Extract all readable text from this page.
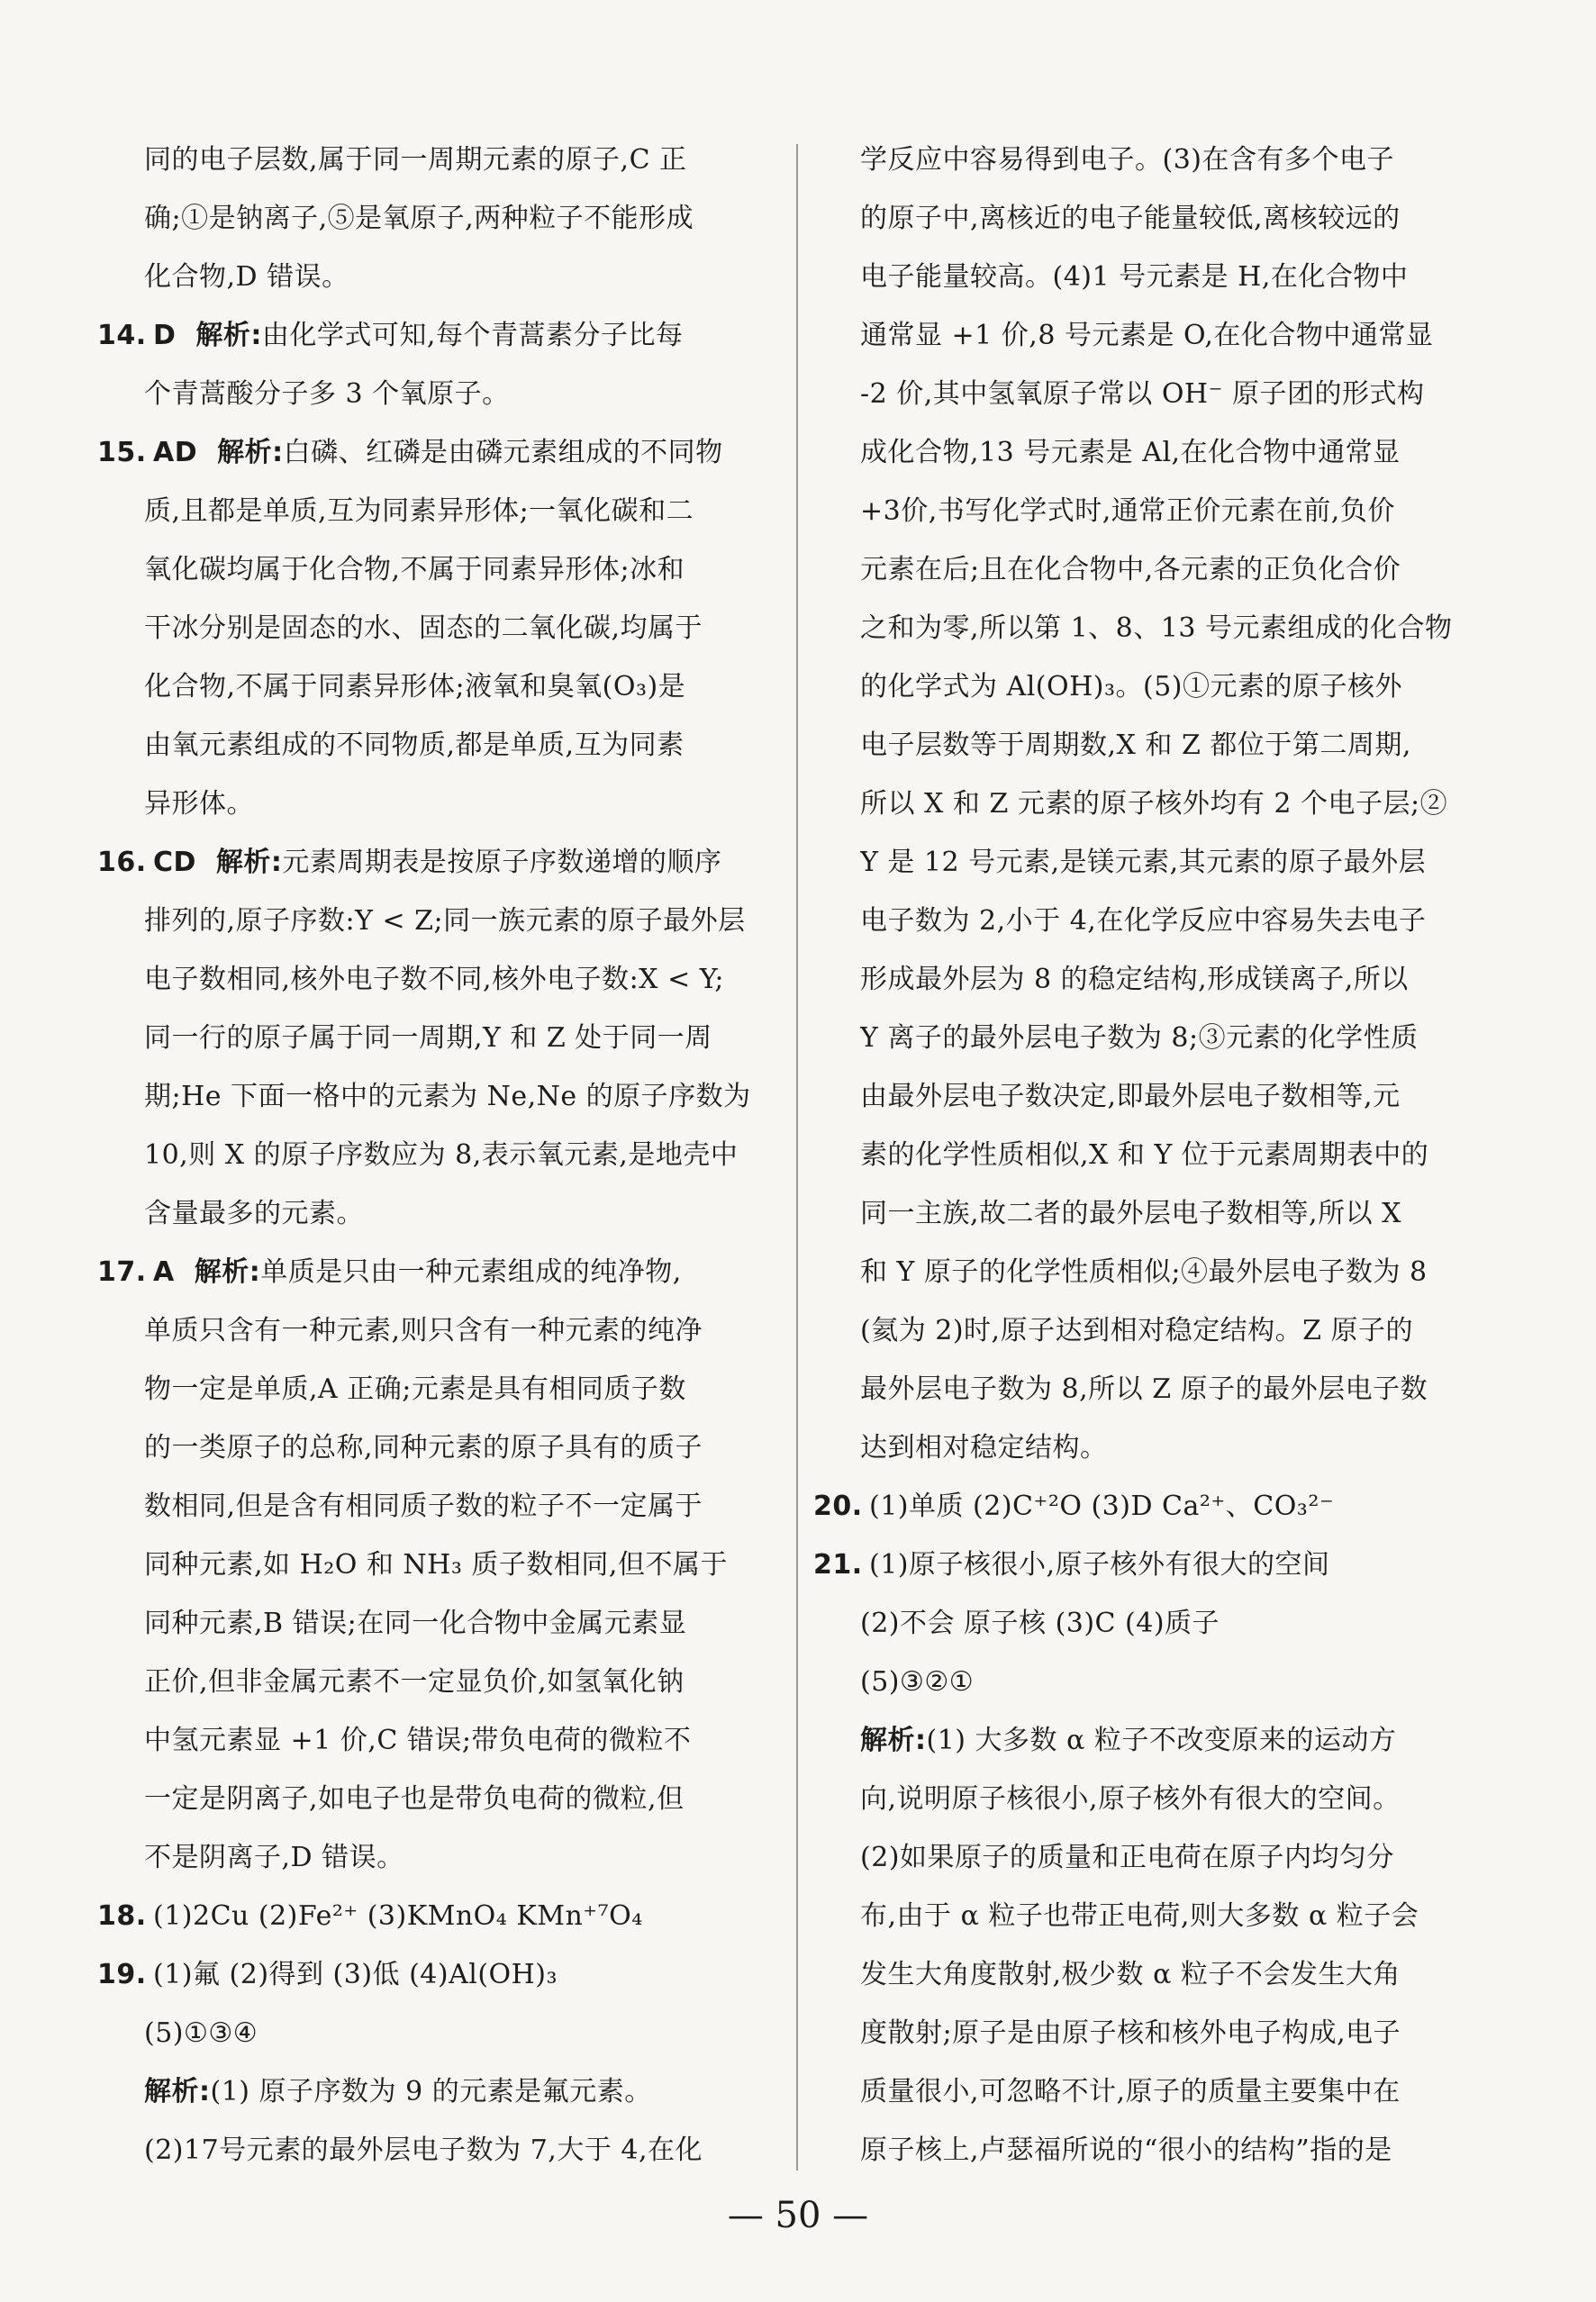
同的电子层数,属于同一周期元素的原子,C 正
确;①是钠离子,⑤是氧原子,两种粒子不能形成
化合物,D 错误。
14. D 解析:由化学式可知,每个青蒿素分子比每
个青蒿酸分子多 3 个氧原子。
15. AD 解析:白磷、红磷是由磷元素组成的不同物
质,且都是单质,互为同素异形体;一氧化碳和二
氧化碳均属于化合物,不属于同素异形体;冰和
干冰分别是固态的水、固态的二氧化碳,均属于
化合物,不属于同素异形体;液氧和臭氧(O₃)是
由氧元素组成的不同物质,都是单质,互为同素
异形体。
16. CD 解析:元素周期表是按原子序数递增的顺序
排列的,原子序数:Y < Z;同一族元素的原子最外层
电子数相同,核外电子数不同,核外电子数:X < Y;
同一行的原子属于同一周期,Y 和 Z 处于同一周
期;He 下面一格中的元素为 Ne,Ne 的原子序数为
10,则 X 的原子序数应为 8,表示氧元素,是地壳中
含量最多的元素。
17. A 解析:单质是只由一种元素组成的纯净物,
单质只含有一种元素,则只含有一种元素的纯净
物一定是单质,A 正确;元素是具有相同质子数
的一类原子的总称,同种元素的原子具有的质子
数相同,但是含有相同质子数的粒子不一定属于
同种元素,如 H₂O 和 NH₃ 质子数相同,但不属于
同种元素,B 错误;在同一化合物中金属元素显
正价,但非金属元素不一定显负价,如氢氧化钠
中氢元素显 +1 价,C 错误;带负电荷的微粒不
一定是阴离子,如电子也是带负电荷的微粒,但
不是阴离子,D 错误。
18. (1)2Cu (2)Fe²⁺ (3)KMnO₄ KMn⁺⁷O₄
19. (1)氟 (2)得到 (3)低 (4)Al(OH)₃
(5)①③④
解析:(1) 原子序数为 9 的元素是氟元素。
(2)17号元素的最外层电子数为 7,大于 4,在化
学反应中容易得到电子。(3)在含有多个电子
的原子中,离核近的电子能量较低,离核较远的
电子能量较高。(4)1 号元素是 H,在化合物中
通常显 +1 价,8 号元素是 O,在化合物中通常显
-2 价,其中氢氧原子常以 OH⁻ 原子团的形式构
成化合物,13 号元素是 Al,在化合物中通常显
+3价,书写化学式时,通常正价元素在前,负价
元素在后;且在化合物中,各元素的正负化合价
之和为零,所以第 1、8、13 号元素组成的化合物
的化学式为 Al(OH)₃。(5)①元素的原子核外
电子层数等于周期数,X 和 Z 都位于第二周期,
所以 X 和 Z 元素的原子核外均有 2 个电子层;②
Y 是 12 号元素,是镁元素,其元素的原子最外层
电子数为 2,小于 4,在化学反应中容易失去电子
形成最外层为 8 的稳定结构,形成镁离子,所以
Y 离子的最外层电子数为 8;③元素的化学性质
由最外层电子数决定,即最外层电子数相等,元
素的化学性质相似,X 和 Y 位于元素周期表中的
同一主族,故二者的最外层电子数相等,所以 X
和 Y 原子的化学性质相似;④最外层电子数为 8
(氦为 2)时,原子达到相对稳定结构。Z 原子的
最外层电子数为 8,所以 Z 原子的最外层电子数
达到相对稳定结构。
20. (1)单质 (2)C⁺²O (3)D Ca²⁺、CO₃²⁻
21. (1)原子核很小,原子核外有很大的空间
(2)不会 原子核 (3)C (4)质子
(5)③②①
解析:(1) 大多数 α 粒子不改变原来的运动方
向,说明原子核很小,原子核外有很大的空间。
(2)如果原子的质量和正电荷在原子内均匀分
布,由于 α 粒子也带正电荷,则大多数 α 粒子会
发生大角度散射,极少数 α 粒子不会发生大角
度散射;原子是由原子核和核外电子构成,电子
质量很小,可忽略不计,原子的质量主要集中在
原子核上,卢瑟福所说的“很小的结构”指的是
— 50 —
